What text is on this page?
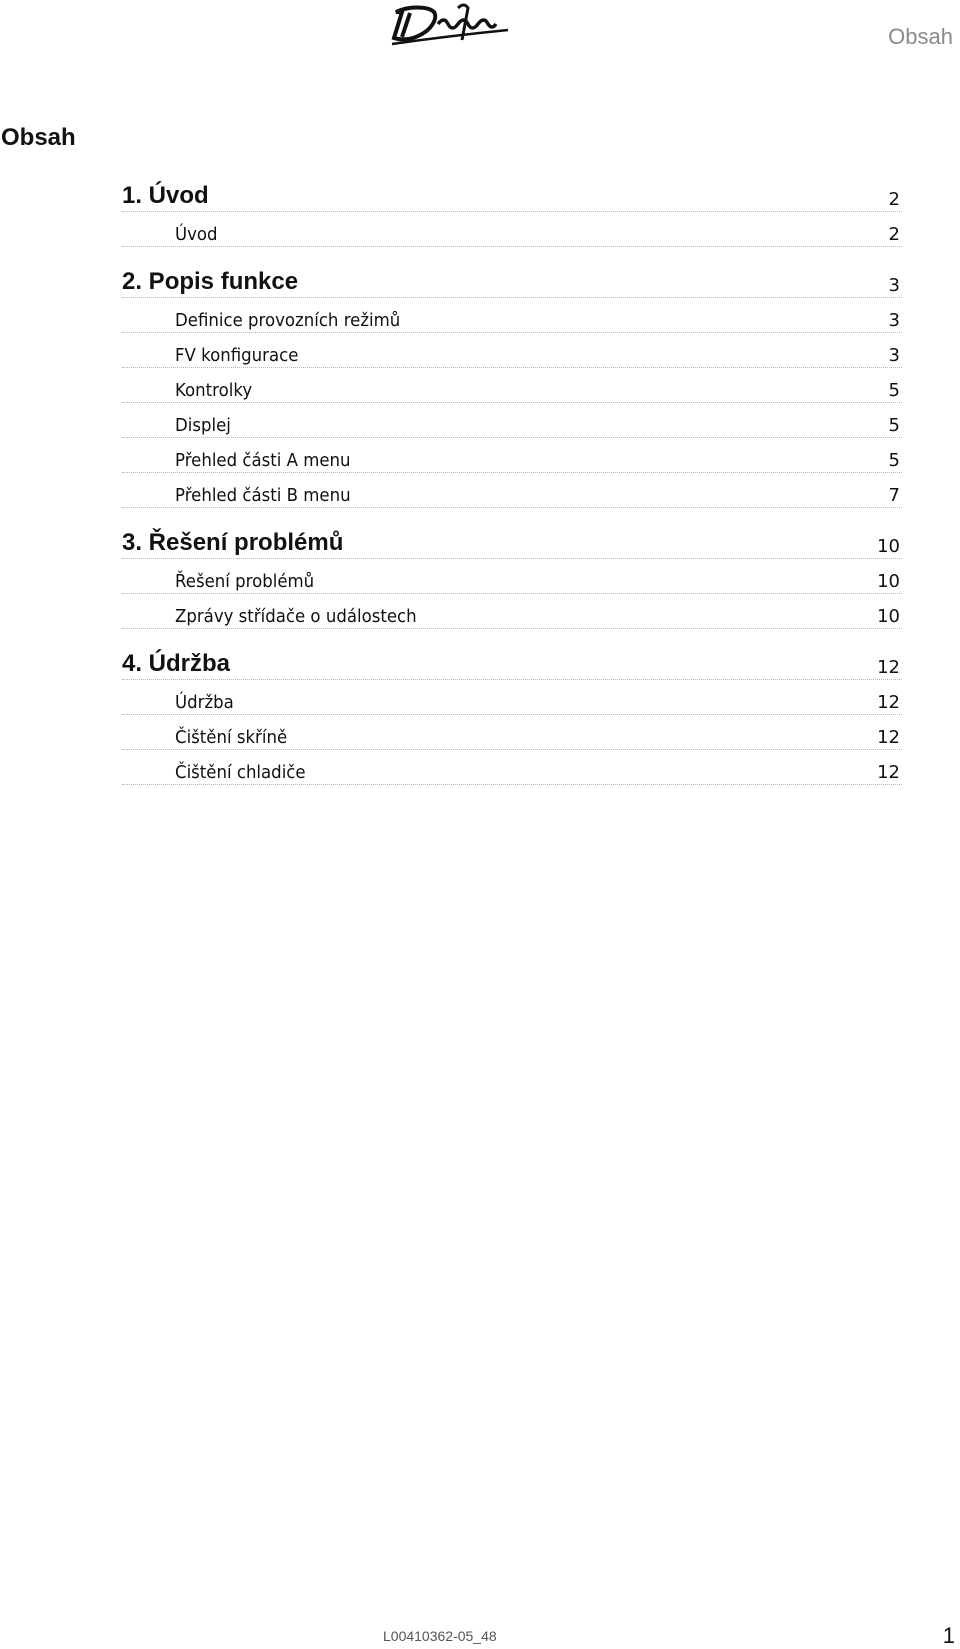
Obsah
Obsah
1. Úvod	2
Úvod	2
2. Popis funkce	3
Definice provozních režimů	3
FV konfigurace	3
Kontrolky	5
Displej	5
Přehled části A menu	5
Přehled části B menu	7
3. Řešení problémů	10
Řešení problémů	10
Zprávy střídače o událostech	10
4. Údržba	12
Údržba	12
Čištění skříně	12
Čištění chladiče	12
L00410362-05_48	1
